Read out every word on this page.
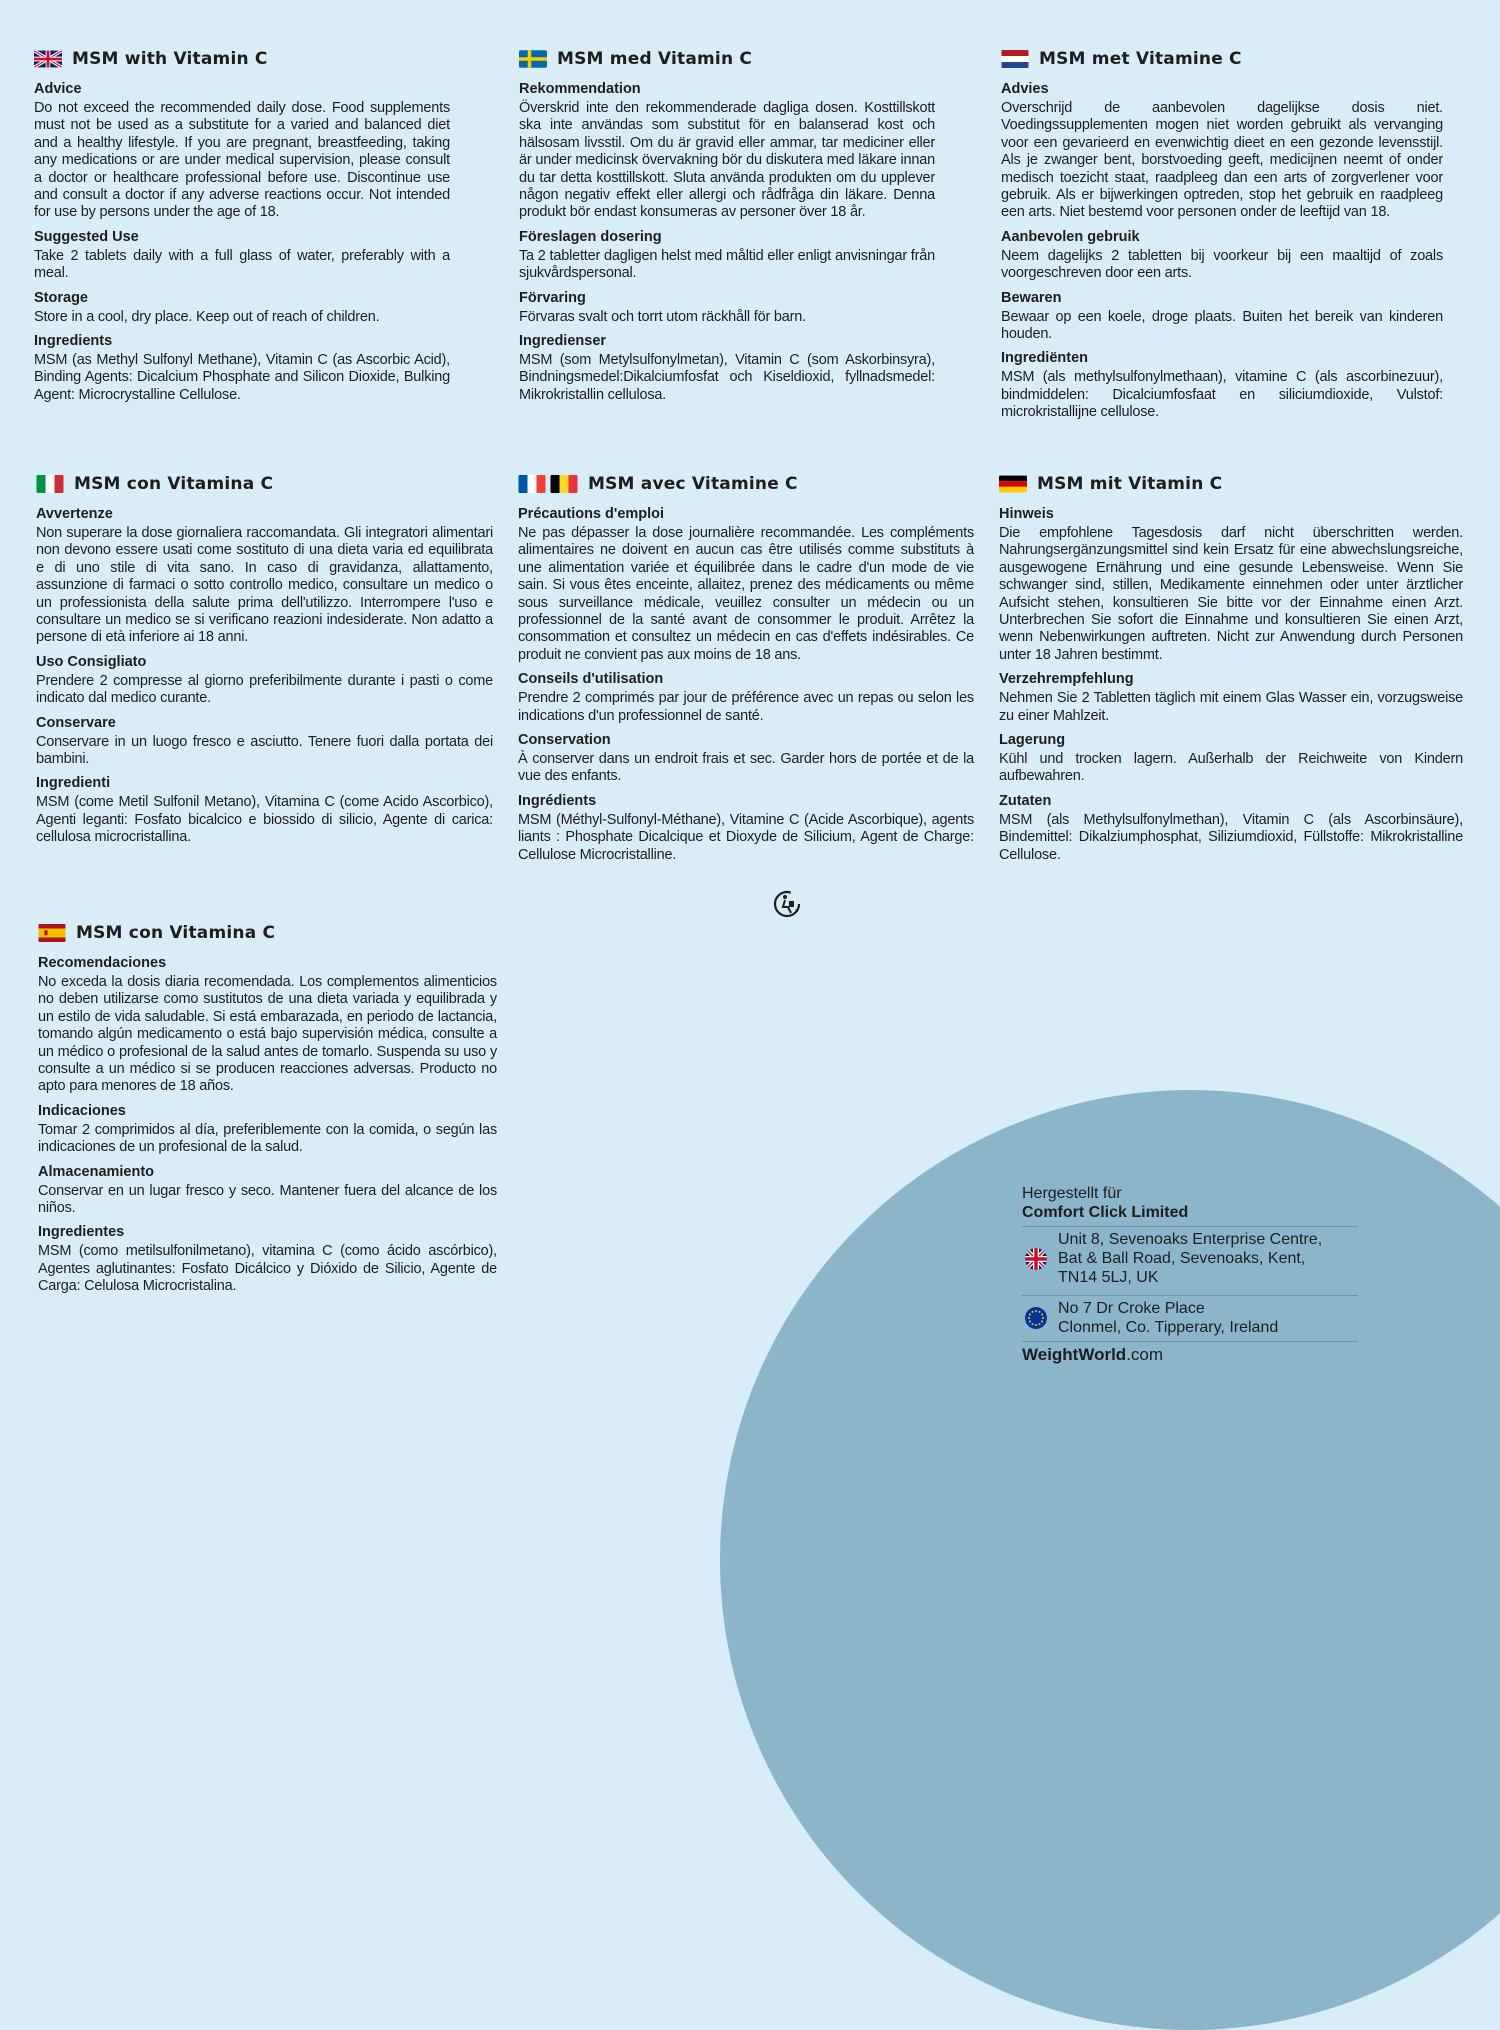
MSM with Vitamin C
Advice

Do not exceed the recommended daily dose. Food supplements must not be used as a substitute for a varied and balanced diet and a healthy lifestyle. If you are pregnant, breastfeeding, taking any medications or are under medical supervision, please consult a doctor or healthcare professional before use. Discontinue use and consult a doctor if any adverse reactions occur. Not intended for use by persons under the age of 18.

Suggested Use

Take 2 tablets daily with a full glass of water, preferably with a meal.

Storage

Store in a cool, dry place. Keep out of reach of children.

Ingredients

MSM (as Methyl Sulfonyl Methane), Vitamin C (as Ascorbic Acid), Binding Agents: Dicalcium Phosphate and Silicon Dioxide, Bulking Agent: Microcrystalline Cellulose.

MSM med Vitamin C
Rekommendation

Överskrid inte den rekommenderade dagliga dosen. Kosttillskott ska inte användas som substitut för en balanserad kost och hälsosam livsstil. Om du är gravid eller ammar, tar mediciner eller är under medicinsk övervakning bör du diskutera med läkare innan du tar detta kosttillskott. Sluta använda produkten om du upplever någon negativ effekt eller allergi och rådfråga din läkare. Denna produkt bör endast konsumeras av personer över 18 år.

Föreslagen dosering

Ta 2 tabletter dagligen helst med måltid eller enligt anvisningar från sjukvårdspersonal.

Förvaring

Förvaras svalt och torrt utom räckhåll för barn.

Ingredienser

MSM (som Metylsulfonylmetan), Vitamin C (som Askorbinsyra), Bindningsmedel:Dikalciumfosfat och Kiseldioxid, fyllnadsmedel: Mikrokristallin cellulosa.

MSM met Vitamine C
Advies

Overschrijd de aanbevolen dagelijkse dosis niet. Voedingssupplementen mogen niet worden gebruikt als vervanging voor een gevarieerd en evenwichtig dieet en een gezonde levensstijl. Als je zwanger bent, borstvoeding geeft, medicijnen neemt of onder medisch toezicht staat, raadpleeg dan een arts of zorgverlener voor gebruik. Als er bijwerkingen optreden, stop het gebruik en raadpleeg een arts. Niet bestemd voor personen onder de leeftijd van 18.

Aanbevolen gebruik

Neem dagelijks 2 tabletten bij voorkeur bij een maaltijd of zoals voorgeschreven door een arts.

Bewaren

Bewaar op een koele, droge plaats. Buiten het bereik van kinderen houden.

Ingrediënten

MSM (als methylsulfonylmethaan), vitamine C (als ascorbinezuur), bindmiddelen: Dicalciumfosfaat en siliciumdioxide, Vulstof: microkristallijne cellulose.

MSM con Vitamina C
Avvertenze

Non superare la dose giornaliera raccomandata. Gli integratori alimentari non devono essere usati come sostituto di una dieta varia ed equilibrata e di uno stile di vita sano. In caso di gravidanza, allattamento, assunzione di farmaci o sotto controllo medico, consultare un medico o un professionista della salute prima dell'utilizzo. Interrompere l'uso e consultare un medico se si verificano reazioni indesiderate. Non adatto a persone di età inferiore ai 18 anni.

Uso Consigliato

Prendere 2 compresse al giorno preferibilmente durante i pasti o come indicato dal medico curante.

Conservare

Conservare in un luogo fresco e asciutto. Tenere fuori dalla portata dei bambini.

Ingredienti

MSM (come Metil Sulfonil Metano), Vitamina C (come Acido Ascorbico), Agenti leganti: Fosfato bicalcico e biossido di silicio, Agente di carica: cellulosa microcristallina.

MSM avec Vitamine C
Précautions d'emploi

Ne pas dépasser la dose journalière recommandée. Les compléments alimentaires ne doivent en aucun cas être utilisés comme substituts à une alimentation variée et équilibrée dans le cadre d'un mode de vie sain. Si vous êtes enceinte, allaitez, prenez des médicaments ou même sous surveillance médicale, veuillez consulter un médecin ou un professionnel de la santé avant de consommer le produit. Arrêtez la consommation et consultez un médecin en cas d'effets indésirables. Ce produit ne convient pas aux moins de 18 ans.

Conseils d'utilisation

Prendre 2 comprimés par jour de préférence avec un repas ou selon les indications d'un professionnel de santé.

Conservation

À conserver dans un endroit frais et sec. Garder hors de portée et de la vue des enfants.

Ingrédients

MSM (Méthyl-Sulfonyl-Méthane), Vitamine C (Acide Ascorbique), agents liants : Phosphate Dicalcique et Dioxyde de Silicium, Agent de Charge: Cellulose Microcristalline.

MSM mit Vitamin C
Hinweis

Die empfohlene Tagesdosis darf nicht überschritten werden. Nahrungsergänzungsmittel sind kein Ersatz für eine abwechslungsreiche, ausgewogene Ernährung und eine gesunde Lebensweise. Wenn Sie schwanger sind, stillen, Medikamente einnehmen oder unter ärztlicher Aufsicht stehen, konsultieren Sie bitte vor der Einnahme einen Arzt. Unterbrechen Sie sofort die Einnahme und konsultieren Sie einen Arzt, wenn Nebenwirkungen auftreten. Nicht zur Anwendung durch Personen unter 18 Jahren bestimmt.

Verzehrempfehlung

Nehmen Sie 2 Tabletten täglich mit einem Glas Wasser ein, vorzugsweise zu einer Mahlzeit.

Lagerung

Kühl und trocken lagern. Außerhalb der Reichweite von Kindern aufbewahren.

Zutaten

MSM (als Methylsulfonylmethan), Vitamin C (als Ascorbinsäure), Bindemittel: Dikalziumphosphat, Siliziumdioxid, Füllstoffe: Mikrokristalline Cellulose.

MSM con Vitamina C
Recomendaciones

No exceda la dosis diaria recomendada. Los complementos alimenticios no deben utilizarse como sustitutos de una dieta variada y equilibrada y un estilo de vida saludable. Si está embarazada, en periodo de lactancia, tomando algún medicamento o está bajo supervisión médica, consulte a un médico o profesional de la salud antes de tomarlo. Suspenda su uso y consulte a un médico si se producen reacciones adversas. Producto no apto para menores de 18 años.

Indicaciones

Tomar 2 comprimidos al día, preferiblemente con la comida, o según las indicaciones de un profesional de la salud.

Almacenamiento

Conservar en un lugar fresco y seco. Mantener fuera del alcance de los niños.

Ingredientes

MSM (como metilsulfonilmetano), vitamina C (como ácido ascórbico), Agentes aglutinantes: Fosfato Dicálcico y Dióxido de Silicio, Agente de Carga: Celulosa Microcristalina.

Hergestellt für
Comfort Click Limited
Unit 8, Sevenoaks Enterprise Centre,
Bat & Ball Road, Sevenoaks, Kent,
TN14 5LJ, UK
No 7 Dr Croke Place
Clonmel, Co. Tipperary, Ireland
WeightWorld.com
